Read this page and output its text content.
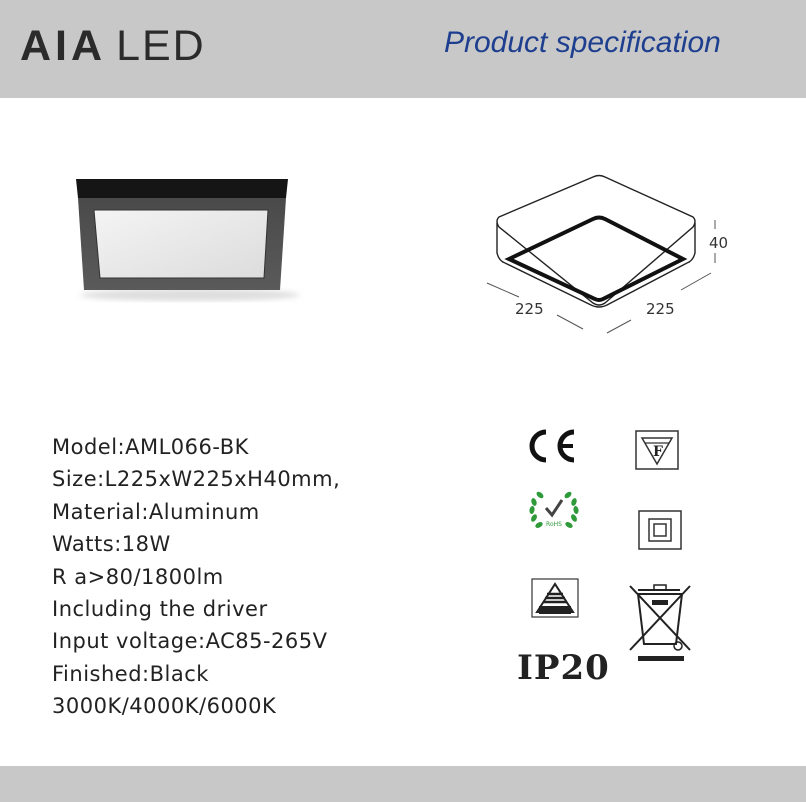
AIA LED	Product specification
225	225
40
Model:AML066-BK
Size:L225xW225xH40mm,
Material:Aluminum
Watts:18W
R a>80/1800lm
Including the driver
Input voltage:AC85-265V
Finished:Black
3000K/4000K/6000K
F
RoHS
IP20
